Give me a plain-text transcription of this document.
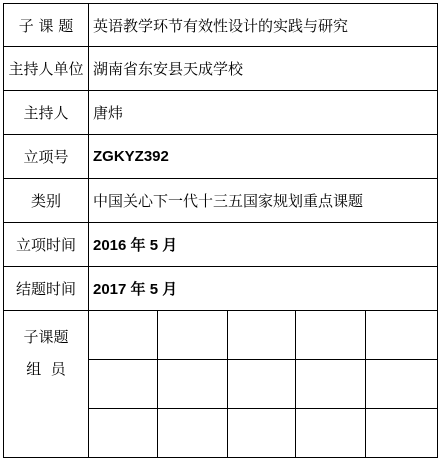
子 课 题	英语教学环节有效性设计的实践与研究				
主持人单位	湖南省东安县天成学校				
主持人	唐炜				
立项号	ZGKYZ392				
类别	中国关心下一代十三五国家规划重点课题				
立项时间	2016 年 5 月				
结题时间	2017 年 5 月				

子课题
组  员					
